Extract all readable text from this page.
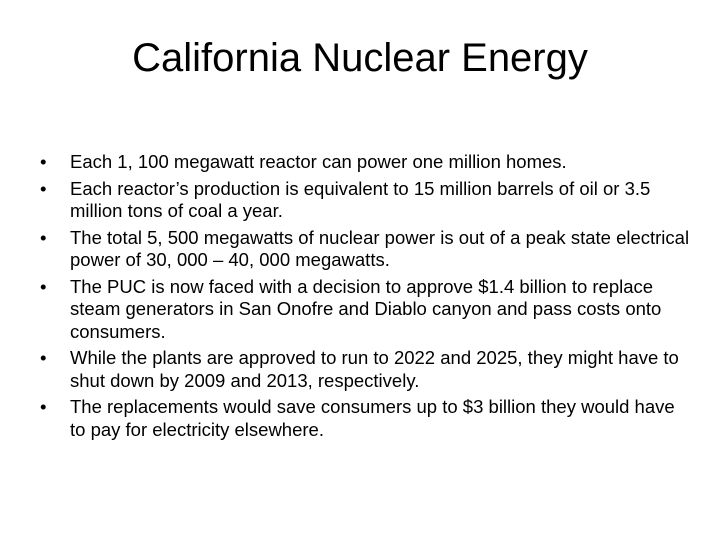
California Nuclear Energy
•	Each 1, 100 megawatt reactor can power one million homes.
•	Each reactor’s production is equivalent to 15 million barrels of oil or 3.5 million tons of coal a year.
•	The total 5, 500 megawatts of nuclear power is out of a peak state electrical power of 30, 000 – 40, 000 megawatts.
•	The PUC is now faced with a decision to approve $1.4 billion to replace steam generators in San Onofre and Diablo canyon and pass costs onto consumers.
•	While the plants are approved to run to 2022 and 2025, they might have to shut down by 2009 and 2013, respectively.
•	The replacements would save consumers up to $3 billion they would have to pay for electricity elsewhere.
